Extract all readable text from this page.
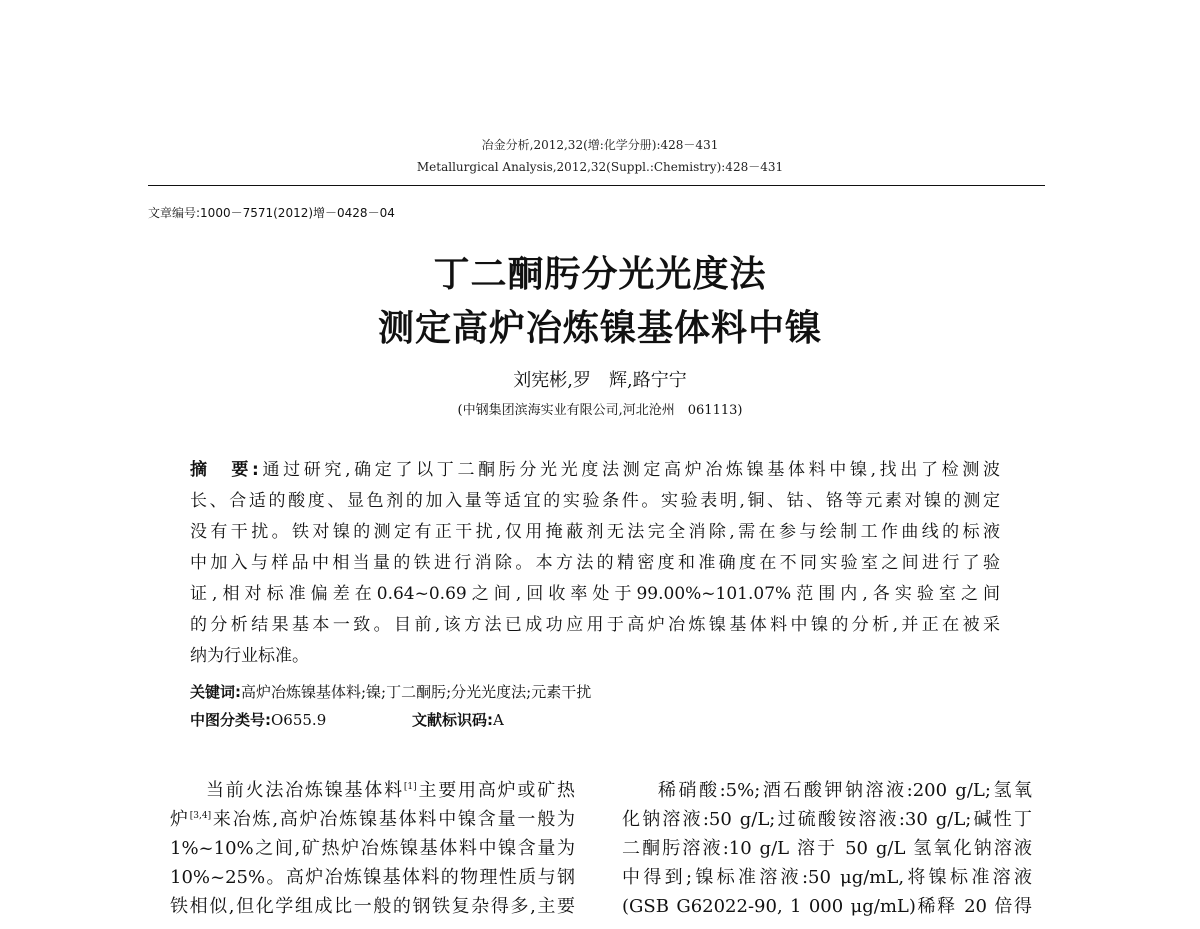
冶金分析,2012,32(增:化学分册):428－431
Metallurgical Analysis,2012,32(Suppl.:Chemistry):428－431
文章编号:1000－7571(2012)增－0428－04
丁二酮肟分光光度法
测定高炉冶炼镍基体料中镍
刘宪彬,罗　辉,路宁宁
(中钢集团滨海实业有限公司,河北沧州　061113)
摘　要:通过研究,确定了以丁二酮肟分光光度法测定高炉冶炼镍基体料中镍,找出了检测波
长、合适的酸度、显色剂的加入量等适宜的实验条件。实验表明,铜、钴、铬等元素对镍的测定
没有干扰。铁对镍的测定有正干扰,仅用掩蔽剂无法完全消除,需在参与绘制工作曲线的标液
中加入与样品中相当量的铁进行消除。本方法的精密度和准确度在不同实验室之间进行了验
证,相对标准偏差在0.64~0.69之间,回收率处于99.00%~101.07%范围内,各实验室之间
的分析结果基本一致。目前,该方法已成功应用于高炉冶炼镍基体料中镍的分析,并正在被采
纳为行业标准。
关键词:高炉冶炼镍基体料;镍;丁二酮肟;分光光度法;元素干扰
中图分类号:O655.9	文献标识码:A
当前火法冶炼镍基体料[1]主要用高炉或矿热
炉[3,4]来冶炼,高炉冶炼镍基体料中镍含量一般为
1%~10%之间,矿热炉冶炼镍基体料中镍含量为
10%~25%。高炉冶炼镍基体料的物理性质与钢
铁相似,但化学组成比一般的钢铁复杂得多,主要
稀硝酸:5%;酒石酸钾钠溶液:200 g/L;氢氧
化钠溶液:50 g/L;过硫酸铵溶液:30 g/L;碱性丁
二酮肟溶液:10 g/L 溶于 50 g/L 氢氧化钠溶液
中得到;镍标准溶液:50 μg/mL,将镍标准溶液
(GSB G62022-90, 1 000 μg/mL)稀释 20 倍得
